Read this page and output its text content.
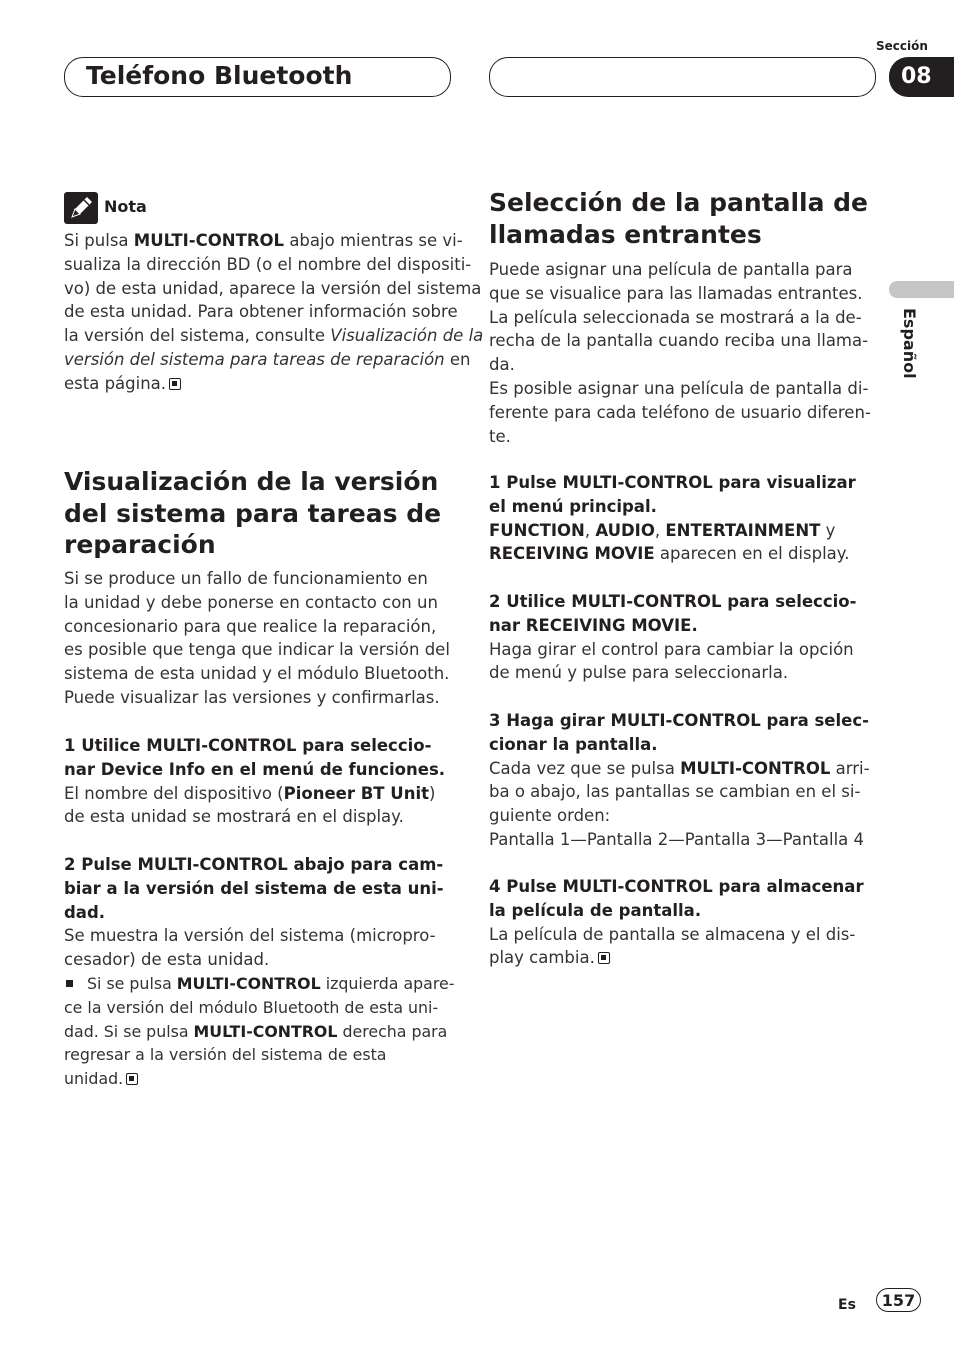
Teléfono Bluetooth
Sección
08
Español
Nota

Si pulsa MULTI-CONTROL abajo mientras se vi-

sualiza la dirección BD (o el nombre del dispositi-

vo) de esta unidad, aparece la versión del sistema

de esta unidad. Para obtener información sobre

la versión del sistema, consulte Visualización de la

versión del sistema para tareas de reparación en

esta página.

Visualización de la versión

del sistema para tareas de

reparación

Si se produce un fallo de funcionamiento en

la unidad y debe ponerse en contacto con un

concesionario para que realice la reparación,

es posible que tenga que indicar la versión del

sistema de esta unidad y el módulo Bluetooth.

Puede visualizar las versiones y confirmarlas.

1 Utilice MULTI-CONTROL para seleccio-

nar Device Info en el menú de funciones.

El nombre del dispositivo (Pioneer BT Unit)

de esta unidad se mostrará en el display.

2 Pulse MULTI-CONTROL abajo para cam-

biar a la versión del sistema de esta uni-

dad.

Se muestra la versión del sistema (micropro-

cesador) de esta unidad.

Si se pulsa MULTI-CONTROL izquierda apare-

ce la versión del módulo Bluetooth de esta uni-

dad. Si se pulsa MULTI-CONTROL derecha para

regresar a la versión del sistema de esta

unidad.

Selección de la pantalla de

llamadas entrantes

Puede asignar una película de pantalla para

que se visualice para las llamadas entrantes.

La película seleccionada se mostrará a la de-

recha de la pantalla cuando reciba una llama-

da.

Es posible asignar una película de pantalla di-

ferente para cada teléfono de usuario diferen-

te.

1 Pulse MULTI-CONTROL para visualizar

el menú principal.

FUNCTION, AUDIO, ENTERTAINMENT y

RECEIVING MOVIE aparecen en el display.

2 Utilice MULTI-CONTROL para seleccio-

nar RECEIVING MOVIE.

Haga girar el control para cambiar la opción

de menú y pulse para seleccionarla.

3 Haga girar MULTI-CONTROL para selec-

cionar la pantalla.

Cada vez que se pulsa MULTI-CONTROL arri-

ba o abajo, las pantallas se cambian en el si-

guiente orden:

Pantalla 1—Pantalla 2—Pantalla 3—Pantalla 4

4 Pulse MULTI-CONTROL para almacenar

la película de pantalla.

La película de pantalla se almacena y el dis-

play cambia.

Es	157
